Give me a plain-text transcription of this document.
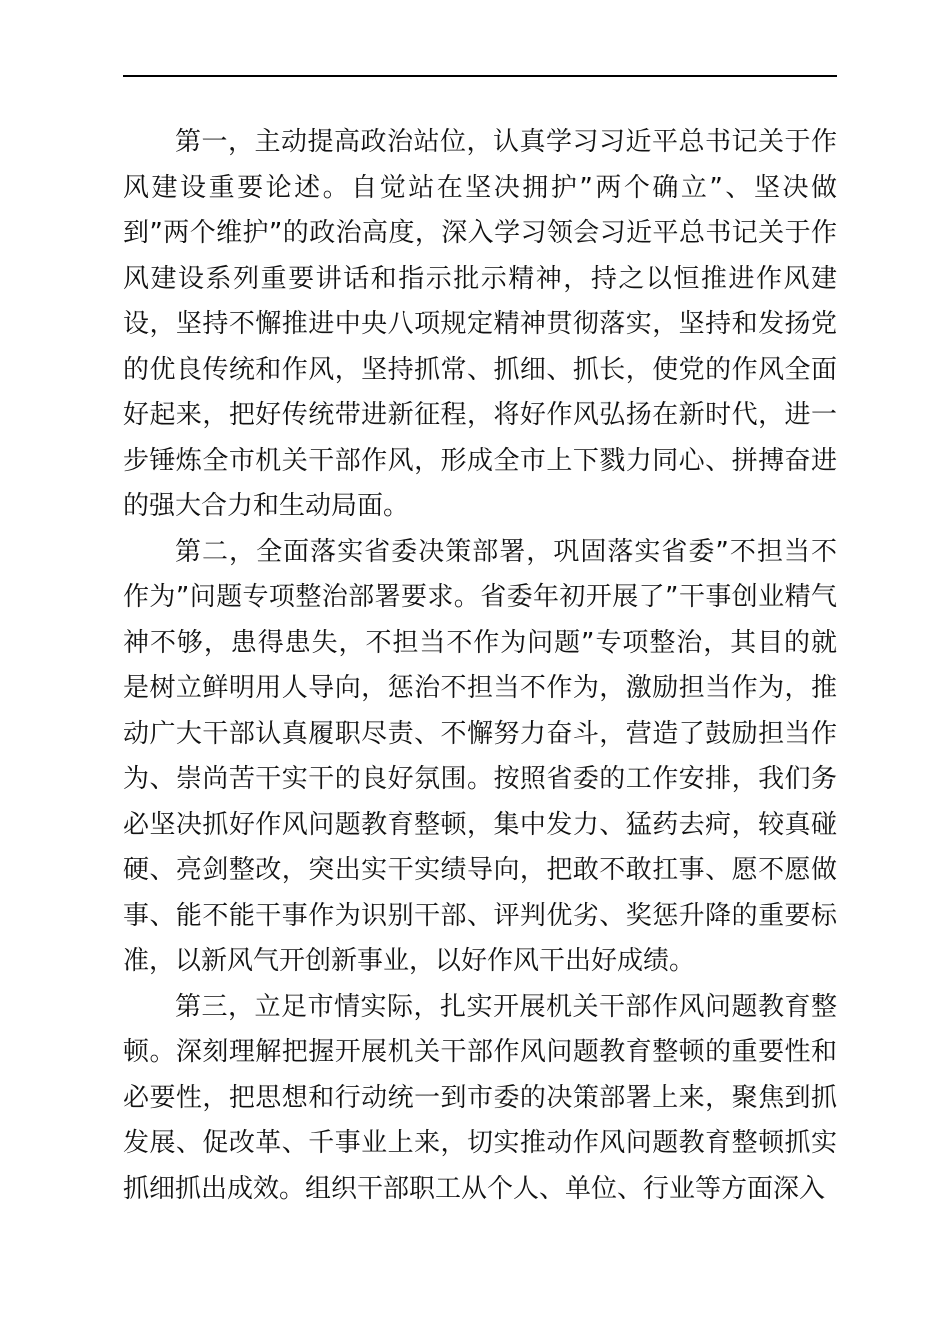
第一，主动提高政治站位，认真学习习近平总书记关于作风建设重要论述。自觉站在坚决拥护”两个确立”、坚决做到”两个维护”的政治高度，深入学习领会习近平总书记关于作风建设系列重要讲话和指示批示精神，持之以恒推进作风建设，坚持不懈推进中央八项规定精神贯彻落实，坚持和发扬党的优良传统和作风，坚持抓常、抓细、抓长，使党的作风全面好起来，把好传统带进新征程，将好作风弘扬在新时代，进一步锤炼全市机关干部作风，形成全市上下戮力同心、拼搏奋进的强大合力和生动局面。

第二，全面落实省委决策部署，巩固落实省委”不担当不作为”问题专项整治部署要求。省委年初开展了”干事创业精气神不够，患得患失，不担当不作为问题”专项整治，其目的就是树立鲜明用人导向，惩治不担当不作为，激励担当作为，推动广大干部认真履职尽责、不懈努力奋斗，营造了鼓励担当作为、崇尚苦干实干的良好氛围。按照省委的工作安排，我们务必坚决抓好作风问题教育整顿，集中发力、猛药去疴，较真碰硬、亮剑整改，突出实干实绩导向，把敢不敢扛事、愿不愿做事、能不能干事作为识别干部、评判优劣、奖惩升降的重要标准，以新风气开创新事业，以好作风干出好成绩。

第三，立足市情实际，扎实开展机关干部作风问题教育整顿。深刻理解把握开展机关干部作风问题教育整顿的重要性和必要性，把思想和行动统一到市委的决策部署上来，聚焦到抓发展、促改革、千事业上来，切实推动作风问题教育整顿抓实抓细抓出成效。组织干部职工从个人、单位、行业等方面深入
